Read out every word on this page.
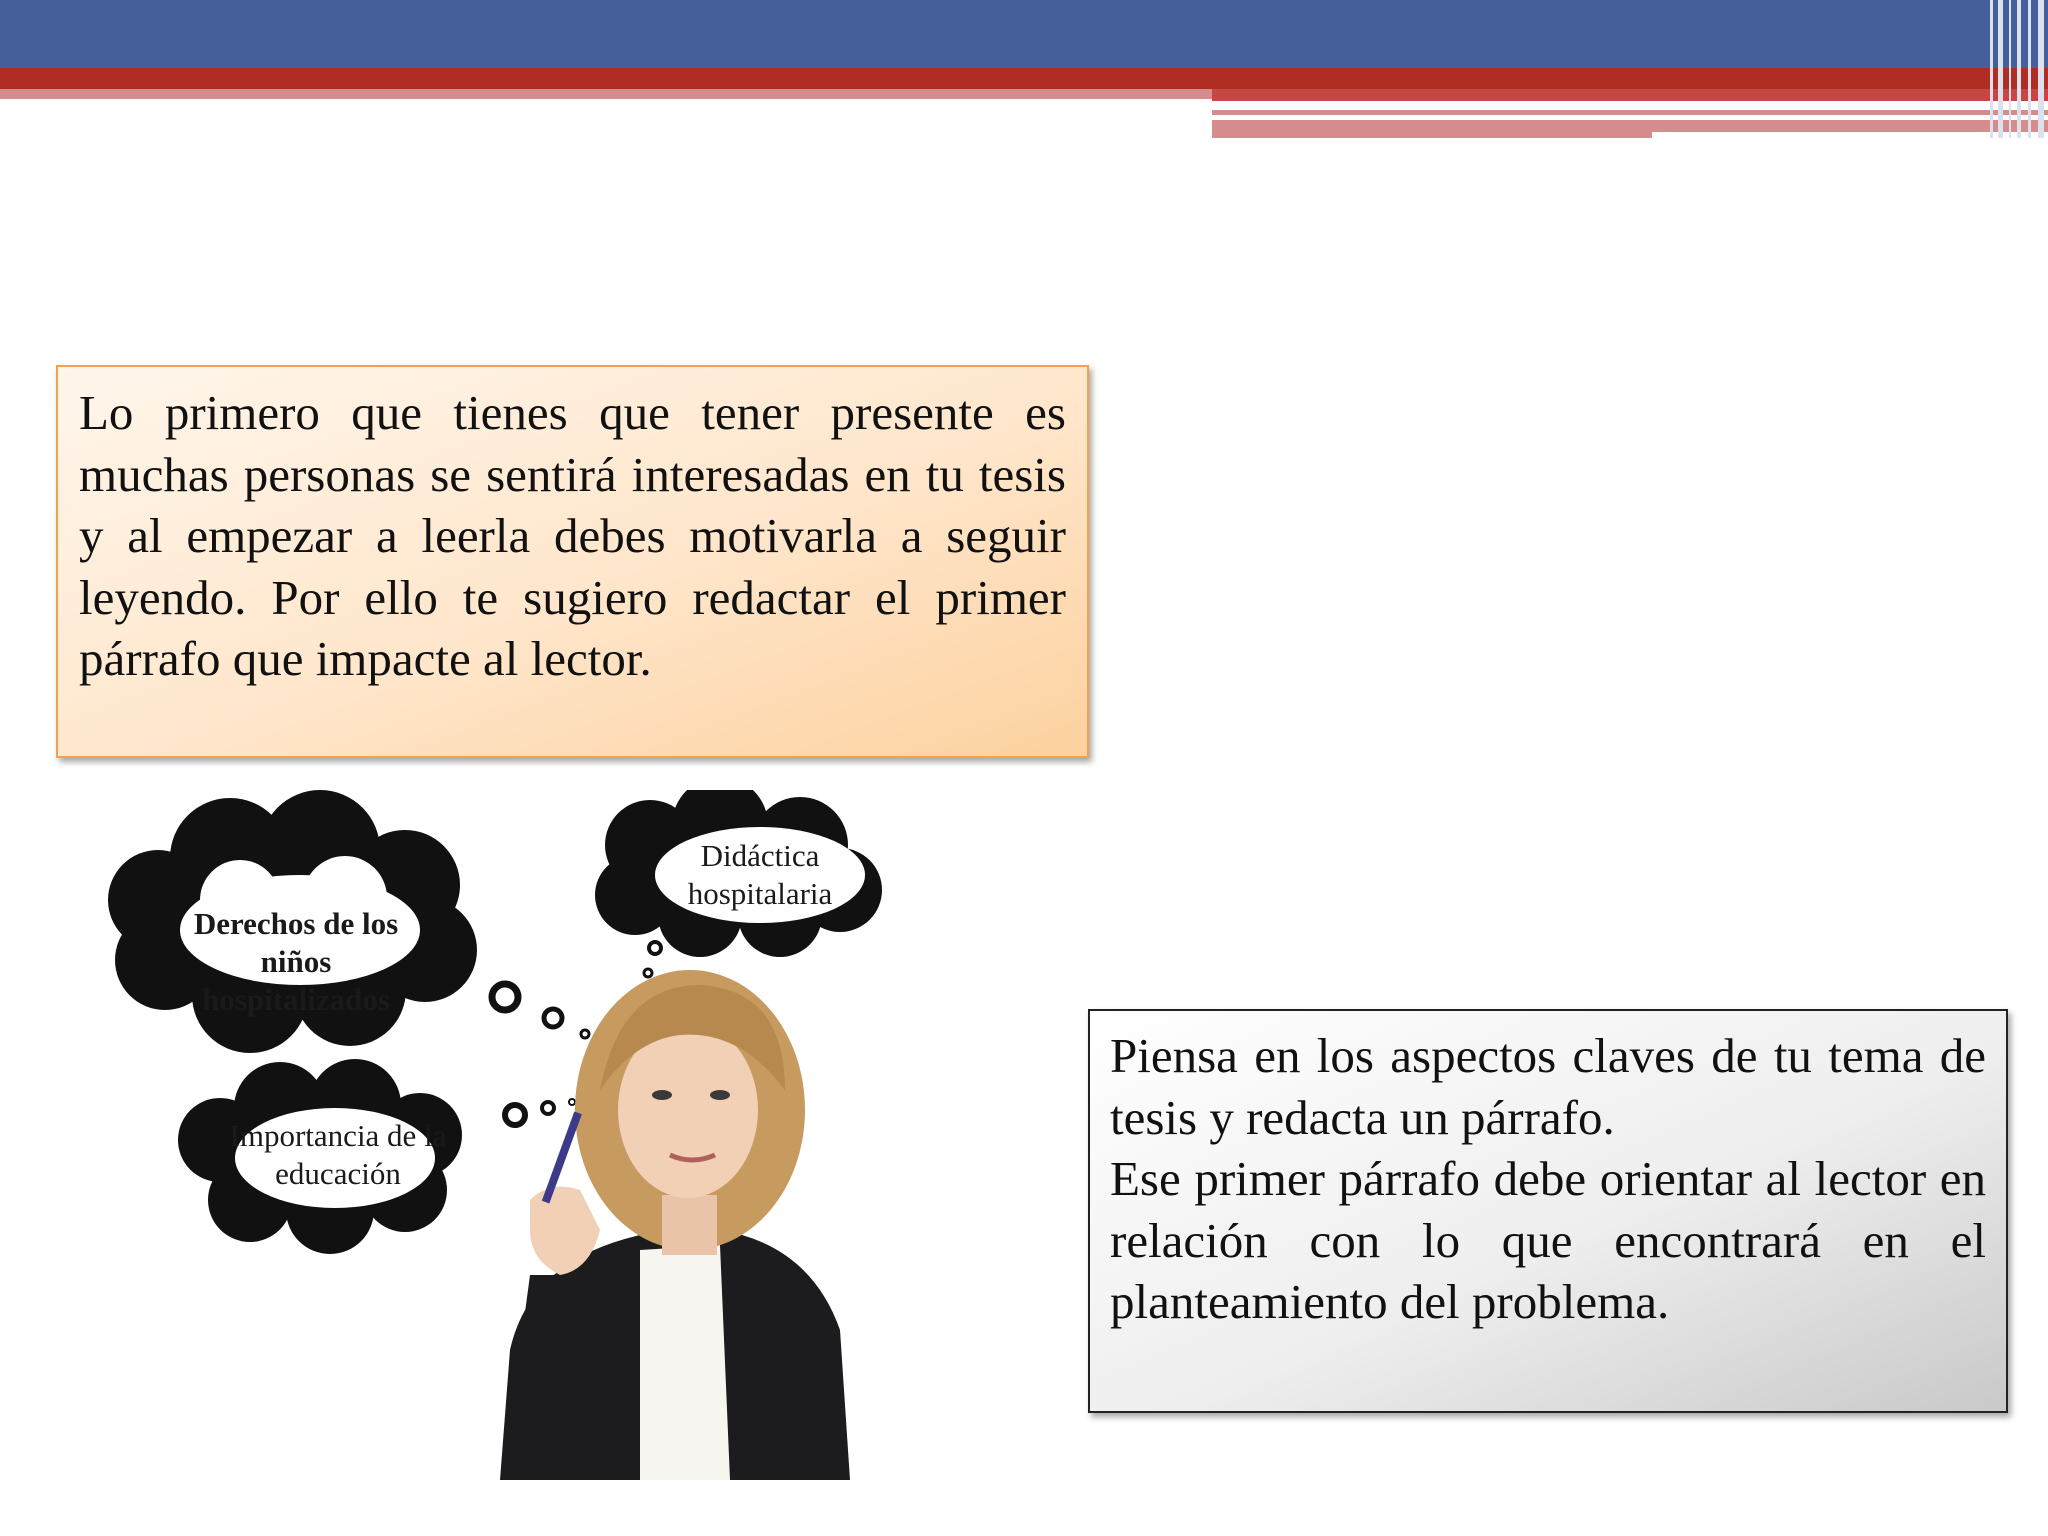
Lo primero que tienes que tener presente es muchas personas se sentirá interesadas en tu tesis y al empezar a leerla debes motivarla a seguir leyendo. Por ello te sugiero redactar el primer párrafo que impacte al lector.
Derechos de los niños hospitalizados
Didáctica hospitalaria
Importancia de la educación

Piensa en los aspectos claves de tu tema de tesis y redacta un párrafo.

Ese primer párrafo debe orientar al lector en relación con lo que encontrará en el planteamiento del problema.
